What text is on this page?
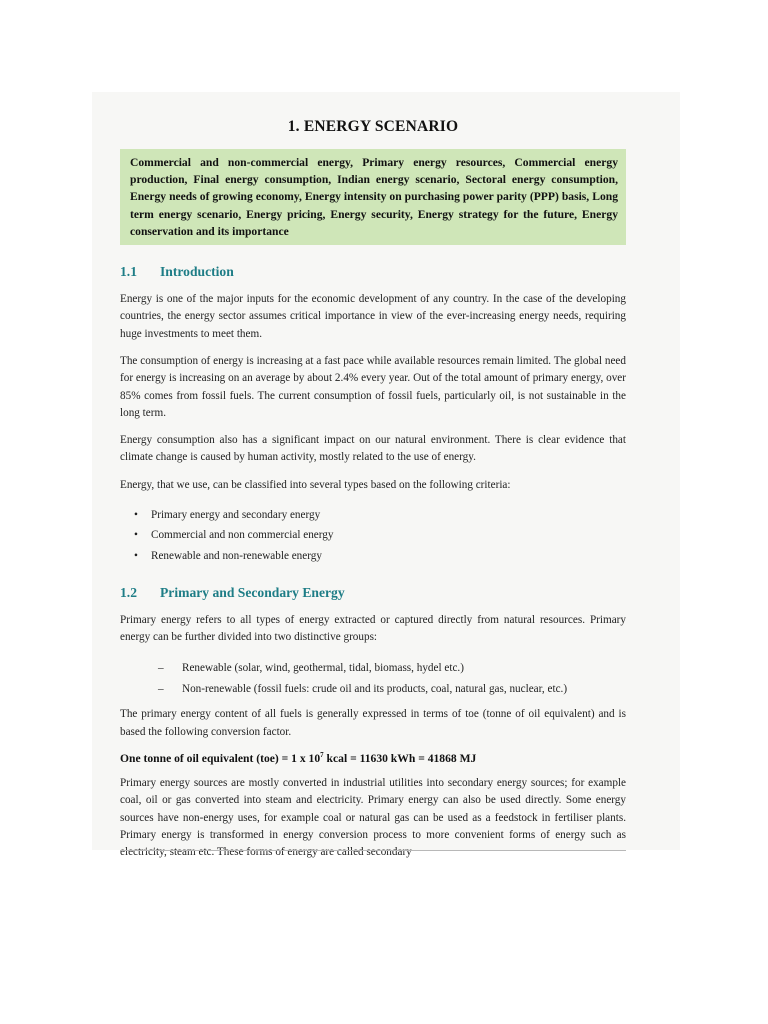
1. ENERGY SCENARIO
Commercial and non-commercial energy, Primary energy resources, Commercial energy production, Final energy consumption, Indian energy scenario, Sectoral energy consumption, Energy needs of growing economy, Energy intensity on purchasing power parity (PPP) basis, Long term energy scenario, Energy pricing, Energy security, Energy strategy for the future, Energy conservation and its importance
1.1	Introduction

Energy is one of the major inputs for the economic development of any country. In the case of the developing countries, the energy sector assumes critical importance in view of the ever-increasing energy needs, requiring huge investments to meet them.

The consumption of energy is increasing at a fast pace while available resources remain limited. The global need for energy is increasing on an average by about 2.4% every year. Out of the total amount of primary energy, over 85% comes from fossil fuels. The current consumption of fossil fuels, particularly oil, is not sustainable in the long term.

Energy consumption also has a significant impact on our natural environment. There is clear evidence that climate change is caused by human activity, mostly related to the use of energy.

Energy, that we use, can be classified into several types based on the following criteria:

• Primary energy and secondary energy
• Commercial and non commercial energy
• Renewable and non-renewable energy
1.2	Primary and Secondary Energy

Primary energy refers to all types of energy extracted or captured directly from natural resources. Primary energy can be further divided into two distinctive groups:

– Renewable (solar, wind, geothermal, tidal, biomass, hydel etc.)
– Non-renewable (fossil fuels: crude oil and its products, coal, natural gas, nuclear, etc.)

The primary energy content of all fuels is generally expressed in terms of toe (tonne of oil equivalent) and is based the following conversion factor.

One tonne of oil equivalent (toe) = 1 x $10^7$ kcal = 11630 kWh = 41868 MJ

Primary energy sources are mostly converted in industrial utilities into secondary energy sources; for example coal, oil or gas converted into steam and electricity. Primary energy can also be used directly. Some energy sources have non-energy uses, for example coal or natural gas can be used as a feedstock in fertiliser plants. Primary energy is transformed in energy conversion process to more convenient forms of energy such as electricity, steam etc. These forms of energy are called secondary
